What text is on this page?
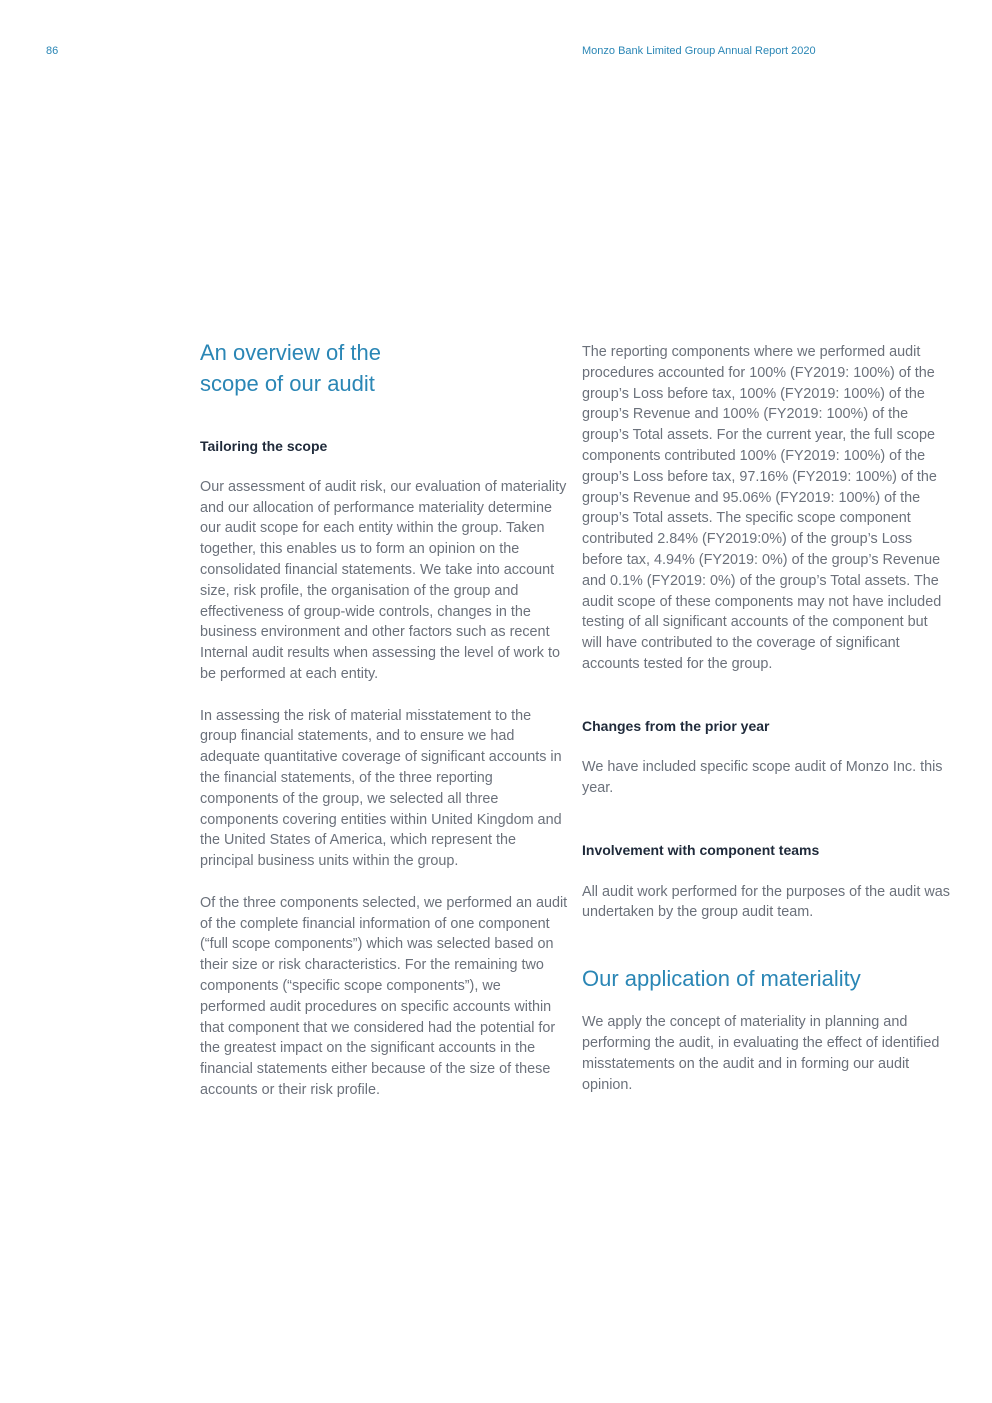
86	Monzo Bank Limited Group Annual Report 2020
An overview of the
scope of our audit
Tailoring the scope

Our assessment of audit risk, our evaluation of materiality and our allocation of performance materiality determine our audit scope for each entity within the group. Taken together, this enables us to form an opinion on the consolidated financial statements. We take into account size, risk profile, the organisation of the group and effectiveness of group-wide controls, changes in the business environment and other factors such as recent Internal audit results when assessing the level of work to be performed at each entity.

In assessing the risk of material misstatement to the group financial statements, and to ensure we had adequate quantitative coverage of significant accounts in the financial statements, of the three reporting components of the group, we selected all three components covering entities within United Kingdom and the United States of America, which represent the principal business units within the group.

Of the three components selected, we performed an audit of the complete financial information of one component (“full scope components”) which was selected based on their size or risk characteristics. For the remaining two components (“specific scope components”), we performed audit procedures on specific accounts within that component that we considered had the potential for the greatest impact on the significant accounts in the financial statements either because of the size of these accounts or their risk profile.

The reporting components where we performed audit procedures accounted for 100% (FY2019: 100%) of the group’s Loss before tax, 100% (FY2019: 100%) of the group’s Revenue and 100% (FY2019: 100%) of the group’s Total assets. For the current year, the full scope components contributed 100% (FY2019: 100%) of the group’s Loss before tax, 97.16% (FY2019: 100%) of the group’s Revenue and 95.06% (FY2019: 100%) of the group’s Total assets. The specific scope component contributed 2.84% (FY2019:0%) of the group’s Loss before tax, 4.94% (FY2019: 0%) of the group’s Revenue and 0.1% (FY2019: 0%) of the group’s Total assets. The audit scope of these components may not have included testing of all significant accounts of the component but will have contributed to the coverage of significant accounts tested for the group.

Changes from the prior year

We have included specific scope audit of Monzo Inc. this year.

Involvement with component teams

All audit work performed for the purposes of the audit was undertaken by the group audit team.

Our application of materiality

We apply the concept of materiality in planning and performing the audit, in evaluating the effect of identified misstatements on the audit and in forming our audit opinion.
